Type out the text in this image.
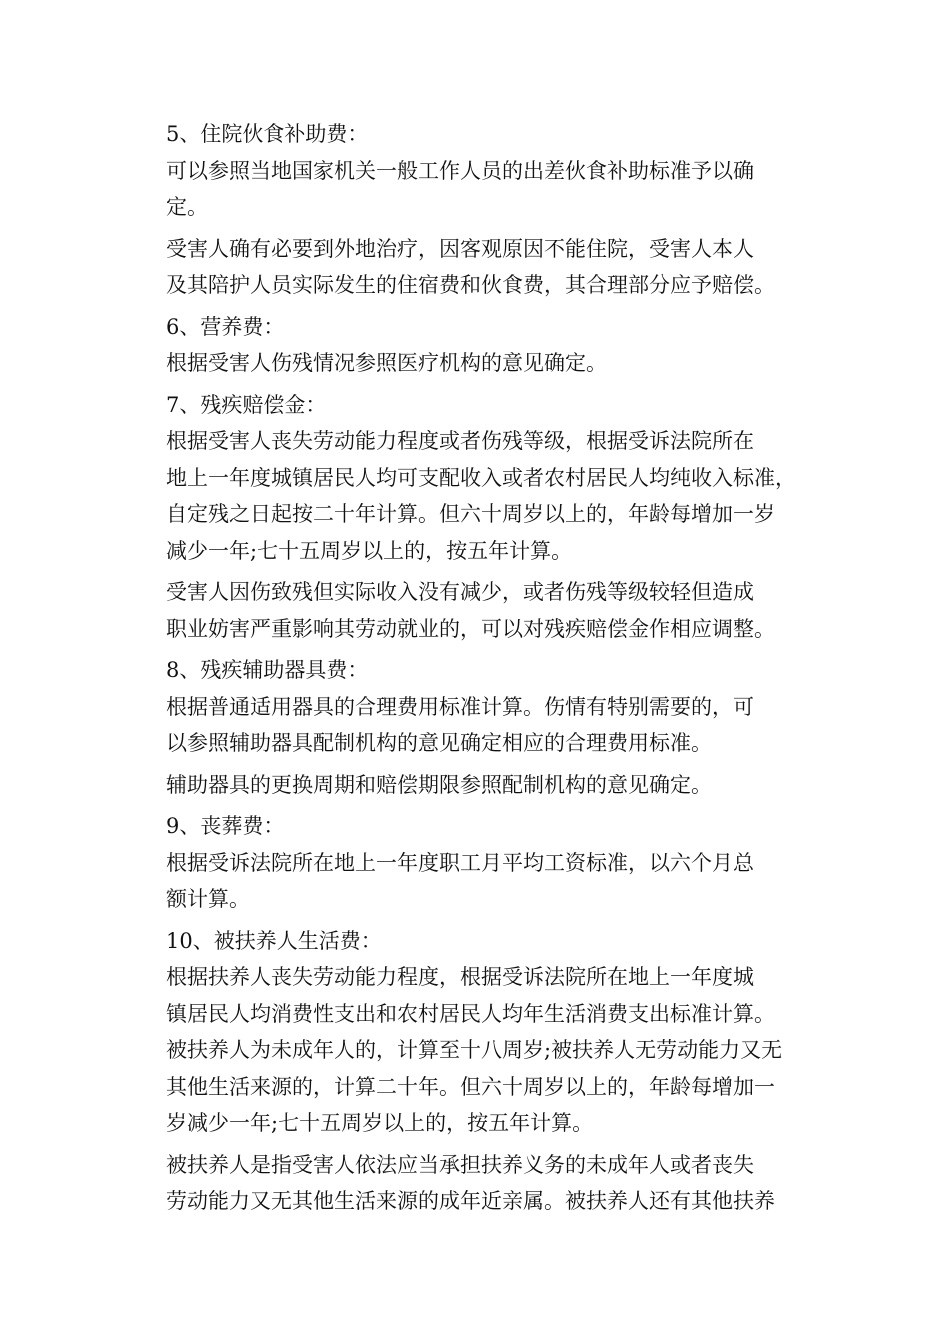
5、住院伙食补助费：

可以参照当地国家机关一般工作人员的出差伙食补助标准予以确
定。

受害人确有必要到外地治疗，因客观原因不能住院，受害人本人
及其陪护人员实际发生的住宿费和伙食费，其合理部分应予赔偿。

6、营养费：

根据受害人伤残情况参照医疗机构的意见确定。

7、残疾赔偿金：

根据受害人丧失劳动能力程度或者伤残等级，根据受诉法院所在
地上一年度城镇居民人均可支配收入或者农村居民人均纯收入标准，
自定残之日起按二十年计算。但六十周岁以上的，年龄每增加一岁
减少一年;七十五周岁以上的，按五年计算。

受害人因伤致残但实际收入没有减少，或者伤残等级较轻但造成
职业妨害严重影响其劳动就业的，可以对残疾赔偿金作相应调整。

8、残疾辅助器具费：

根据普通适用器具的合理费用标准计算。伤情有特别需要的，可
以参照辅助器具配制机构的意见确定相应的合理费用标准。

辅助器具的更换周期和赔偿期限参照配制机构的意见确定。

9、丧葬费：

根据受诉法院所在地上一年度职工月平均工资标准，以六个月总
额计算。

10、被扶养人生活费：

根据扶养人丧失劳动能力程度，根据受诉法院所在地上一年度城
镇居民人均消费性支出和农村居民人均年生活消费支出标准计算。
被扶养人为未成年人的，计算至十八周岁;被扶养人无劳动能力又无
其他生活来源的，计算二十年。但六十周岁以上的，年龄每增加一
岁减少一年;七十五周岁以上的，按五年计算。

被扶养人是指受害人依法应当承担扶养义务的未成年人或者丧失
劳动能力又无其他生活来源的成年近亲属。被扶养人还有其他扶养
